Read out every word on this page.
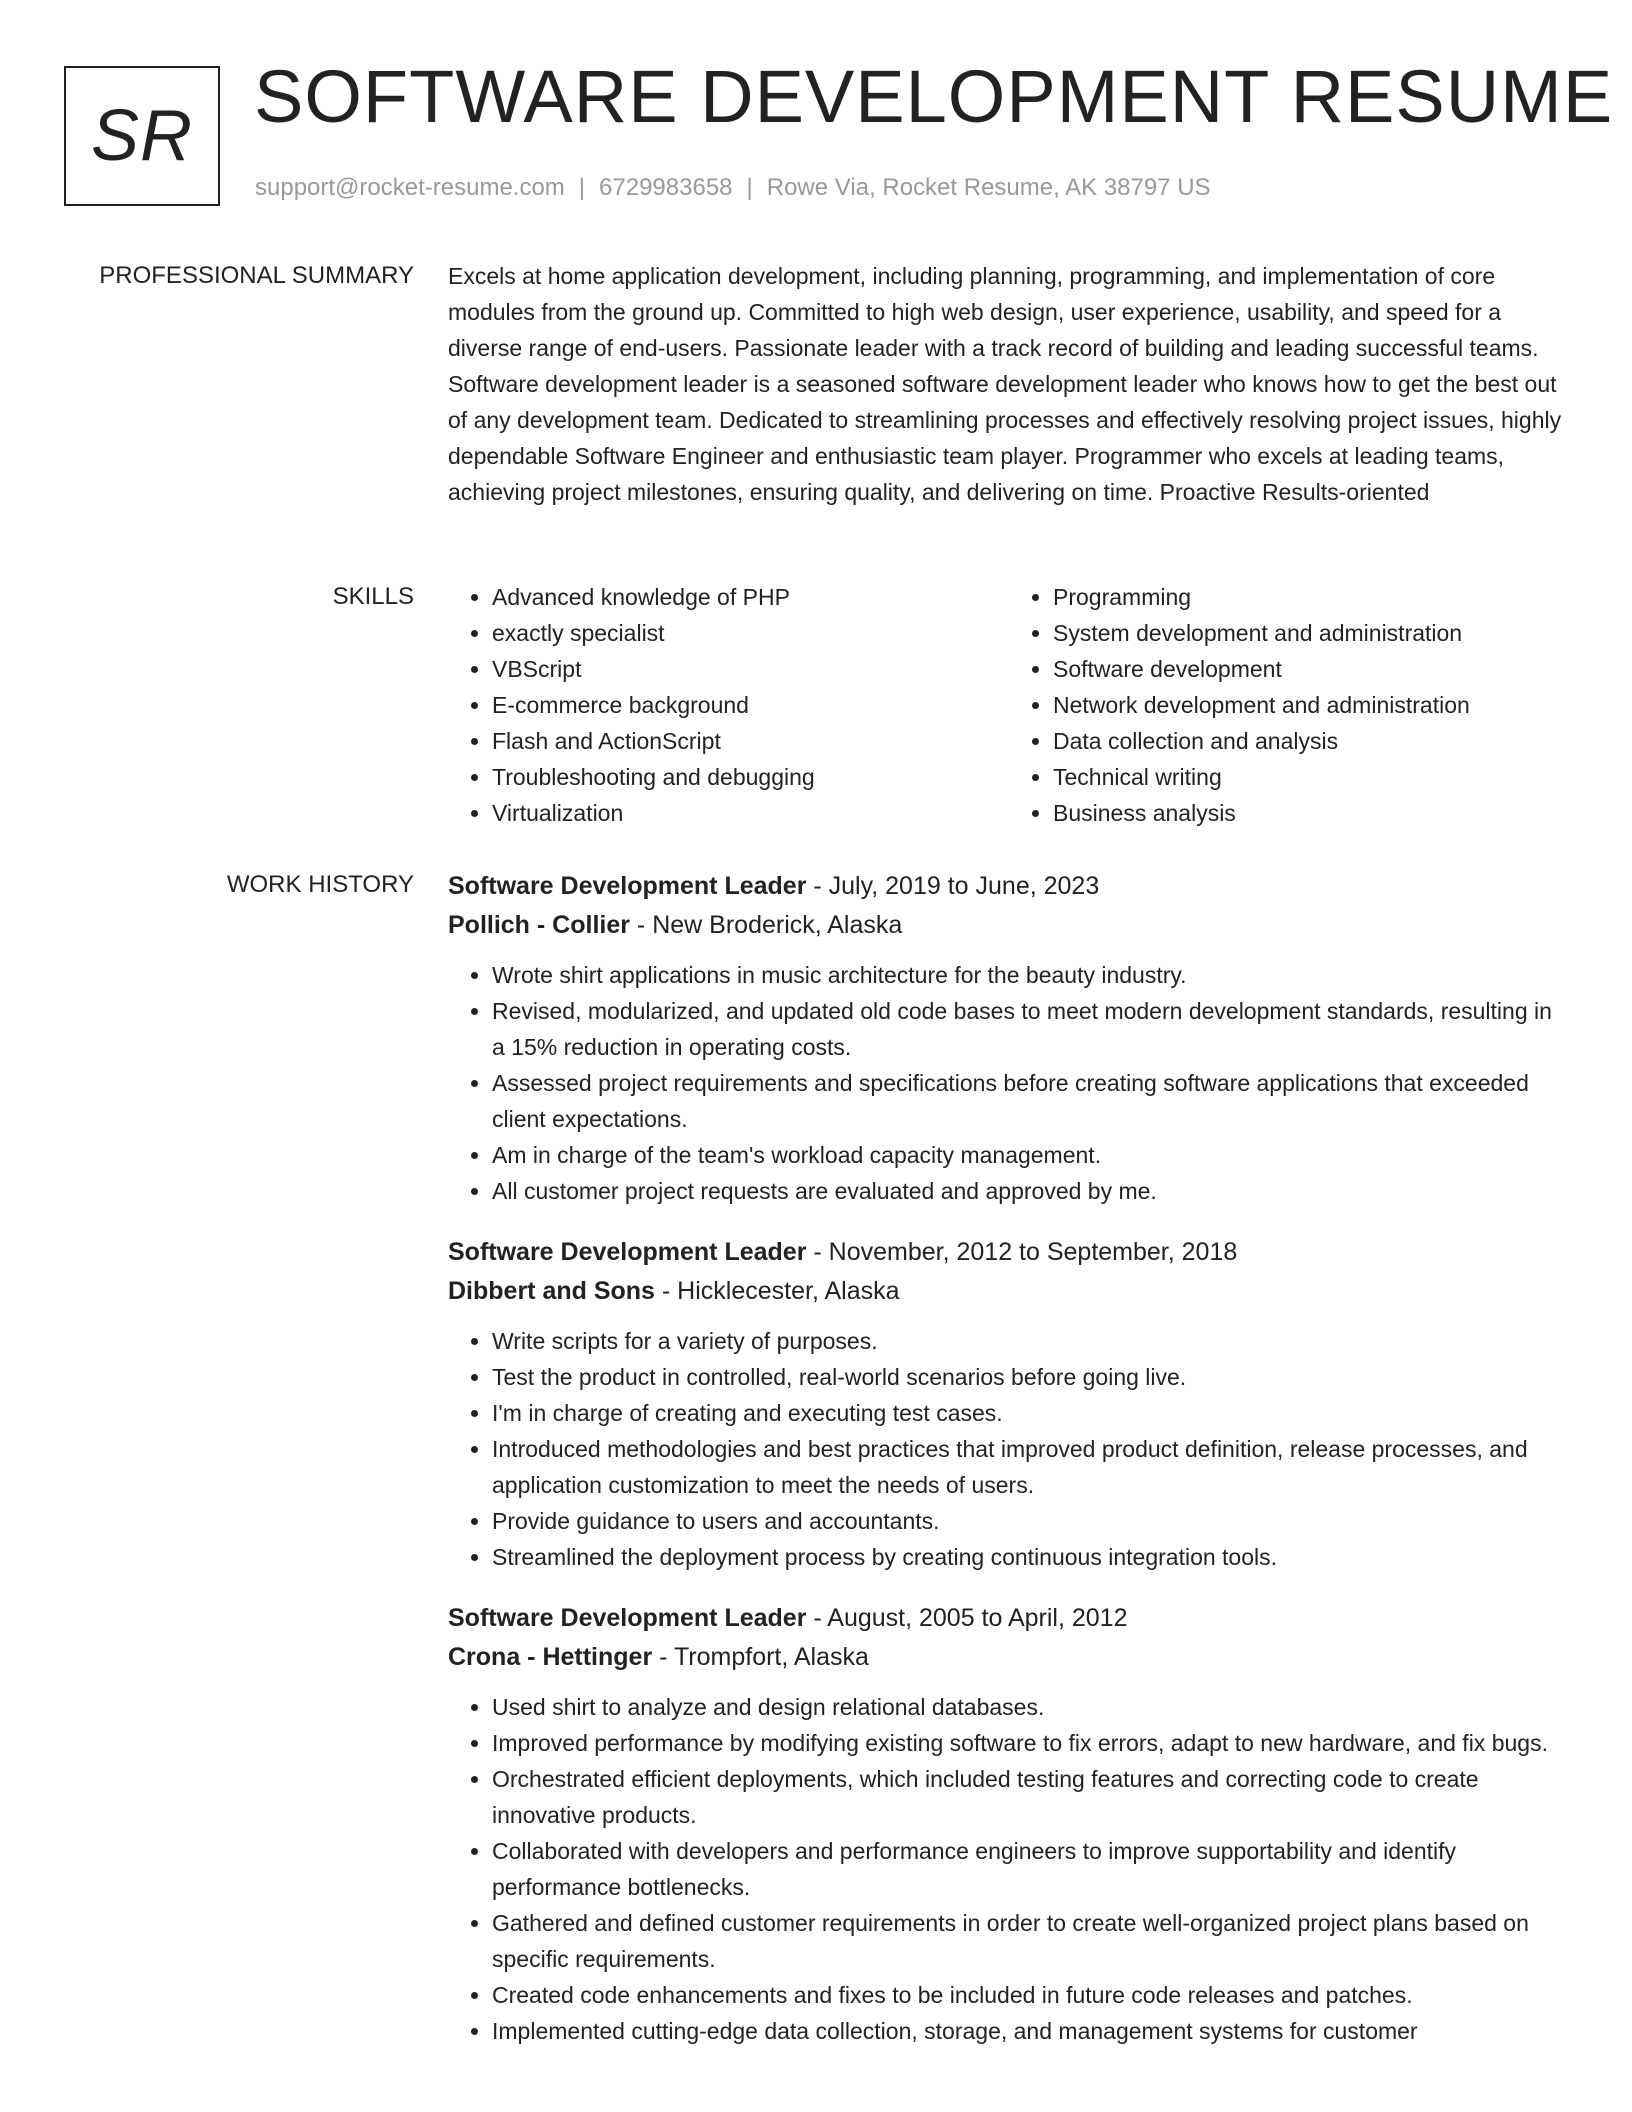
SR SOFTWARE DEVELOPMENT RESUME
support@rocket-resume.com | 6729983658 | Rowe Via, Rocket Resume, AK 38797 US
PROFESSIONAL SUMMARY Excels at home application development, including planning, programming, and implementation of core modules from the ground up. Committed to high web design, user experience, usability, and speed for a diverse range of end-users. Passionate leader with a track record of building and leading successful teams. Software development leader is a seasoned software development leader who knows how to get the best out of any development team. Dedicated to streamlining processes and effectively resolving project issues, highly dependable Software Engineer and enthusiastic team player. Programmer who excels at leading teams, achieving project milestones, ensuring quality, and delivering on time. Proactive Results-oriented

SKILLS
•	Advanced knowledge of PHP
• exactly specialist
• VBScript
• E-commerce background
• Flash and ActionScript
• Troubleshooting and debugging
• Virtualization
• Programming
• System development and administration
• Software development
• Network development and administration
• Data collection and analysis
• Technical writing
• Business analysis
WORK HISTORY Software Development Leader - July, 2019 to June, 2023
Pollich - Collier - New Broderick, Alaska
• Wrote shirt applications in music architecture for the beauty industry.
• Revised, modularized, and updated old code bases to meet modern development standards, resulting in a 15% reduction in operating costs.
• Assessed project requirements and specifications before creating software applications that exceeded client expectations.
• Am in charge of the team's workload capacity management.
• All customer project requests are evaluated and approved by me.
Software Development Leader - November, 2012 to September, 2018
Dibbert and Sons - Hicklecester, Alaska
• Write scripts for a variety of purposes.
• Test the product in controlled, real-world scenarios before going live.
• I'm in charge of creating and executing test cases.
• Introduced methodologies and best practices that improved product definition, release processes, and application customization to meet the needs of users.
• Provide guidance to users and accountants.
• Streamlined the deployment process by creating continuous integration tools.
Software Development Leader - August, 2005 to April, 2012
Crona - Hettinger - Trompfort, Alaska
• Used shirt to analyze and design relational databases.
• Improved performance by modifying existing software to fix errors, adapt to new hardware, and fix bugs.
• Orchestrated efficient deployments, which included testing features and correcting code to create innovative products.
• Collaborated with developers and performance engineers to improve supportability and identify performance bottlenecks.
• Gathered and defined customer requirements in order to create well-organized project plans based on specific requirements.
• Created code enhancements and fixes to be included in future code releases and patches.
• Implemented cutting-edge data collection, storage, and management systems for customer
